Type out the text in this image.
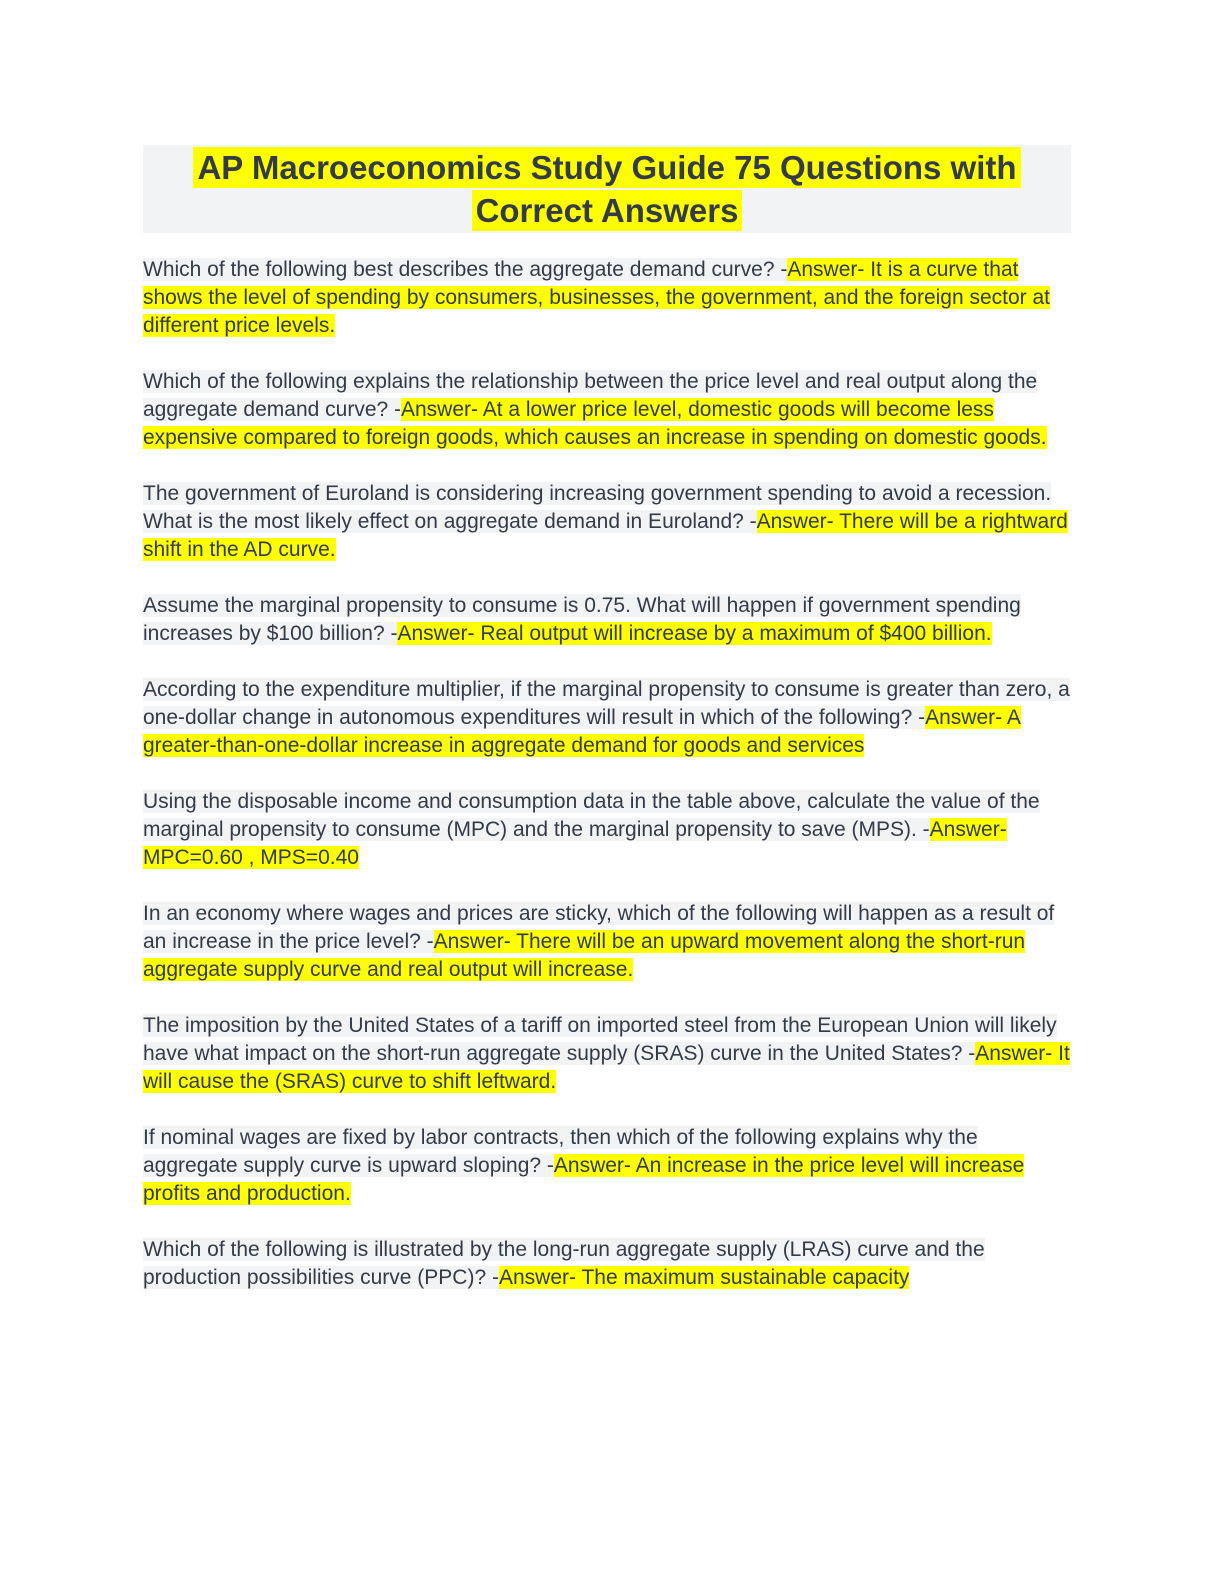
AP Macroeconomics Study Guide 75 Questions with
Correct Answers

Which of the following best describes the aggregate demand curve? -Answer- It is a curve that shows the level of spending by consumers, businesses, the government, and the foreign sector at different price levels.

Which of the following explains the relationship between the price level and real output along the aggregate demand curve? -Answer- At a lower price level, domestic goods will become less expensive compared to foreign goods, which causes an increase in spending on domestic goods.

The government of Euroland is considering increasing government spending to avoid a recession. What is the most likely effect on aggregate demand in Euroland? -Answer- There will be a rightward shift in the AD curve.

Assume the marginal propensity to consume is 0.75. What will happen if government spending increases by $100 billion? -Answer- Real output will increase by a maximum of $400 billion.

According to the expenditure multiplier, if the marginal propensity to consume is greater than zero, a one-dollar change in autonomous expenditures will result in which of the following? -Answer- A greater-than-one-dollar increase in aggregate demand for goods and services

Using the disposable income and consumption data in the table above, calculate the value of the marginal propensity to consume (MPC) and the marginal propensity to save (MPS). -Answer- MPC=0.60 , MPS=0.40

In an economy where wages and prices are sticky, which of the following will happen as a result of an increase in the price level? -Answer- There will be an upward movement along the short-run aggregate supply curve and real output will increase.

The imposition by the United States of a tariff on imported steel from the European Union will likely have what impact on the short-run aggregate supply (SRAS) curve in the United States? -Answer- It will cause the (SRAS) curve to shift leftward.

If nominal wages are fixed by labor contracts, then which of the following explains why the aggregate supply curve is upward sloping? -Answer- An increase in the price level will increase profits and production.

Which of the following is illustrated by the long-run aggregate supply (LRAS) curve and the production possibilities curve (PPC)? -Answer- The maximum sustainable capacity
